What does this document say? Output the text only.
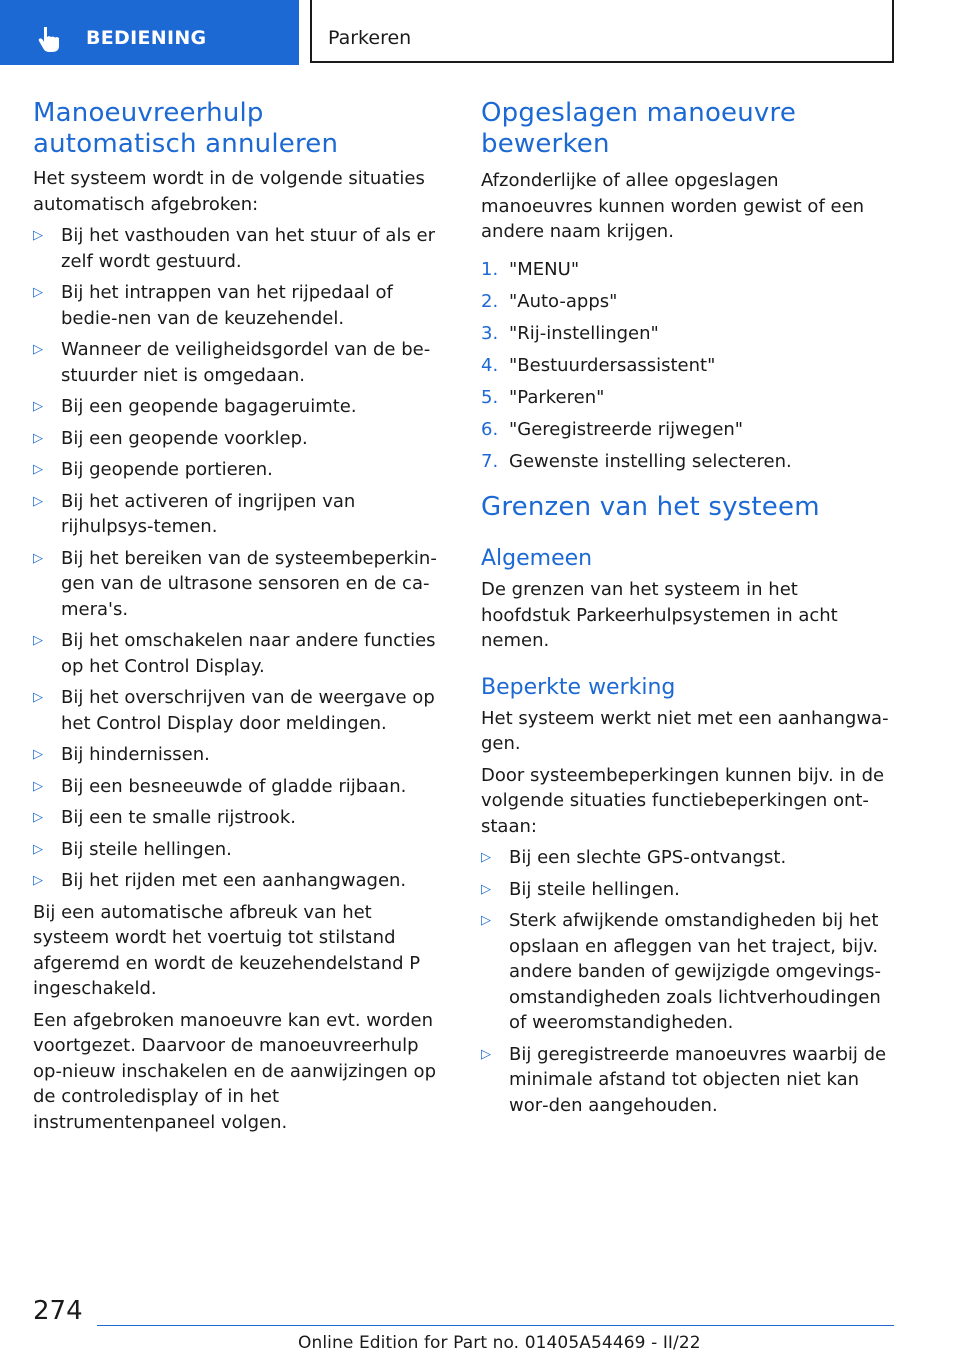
BEDIENING	Parkeren
Manoeuvreerhulp automatisch annuleren

Het systeem wordt in de volgende situaties automatisch afgebroken:

▷ Bij het vasthouden van het stuur of als er zelf wordt gestuurd.
▷ Bij het intrappen van het rijpedaal of bedie‐nen van de keuzehendel.
▷ Wanneer de veiligheidsgordel van de be‐stuurder niet is omgedaan.
▷ Bij een geopende bagageruimte.
▷ Bij een geopende voorklep.
▷ Bij geopende portieren.
▷ Bij het activeren of ingrijpen van rijhulpsys‐temen.
▷ Bij het bereiken van de systeembeperkin‐gen van de ultrasone sensoren en de ca‐mera's.
▷ Bij het omschakelen naar andere functies op het Control Display.
▷ Bij het overschrijven van de weergave op het Control Display door meldingen.
▷ Bij hindernissen.
▷ Bij een besneeuwde of gladde rijbaan.
▷ Bij een te smalle rijstrook.
▷ Bij steile hellingen.
▷ Bij het rijden met een aanhangwagen.

Bij een automatische afbreuk van het systeem wordt het voertuig tot stilstand afgeremd en wordt de keuzehendelstand P ingeschakeld.

Een afgebroken manoeuvre kan evt. worden voortgezet. Daarvoor de manoeuvreerhulp op‐nieuw inschakelen en de aanwijzingen op de controledisplay of in het instrumentenpaneel volgen.

Opgeslagen manoeuvre bewerken

Afzonderlijke of allee opgeslagen manoeuvres kunnen worden gewist of een andere naam krijgen.

1. "MENU"
2. "Auto-apps"
3. "Rij-instellingen"
4. "Bestuurdersassistent"
5. "Parkeren"
6. "Geregistreerde rijwegen"
7. Gewenste instelling selecteren.
Grenzen van het systeem
Algemeen

De grenzen van het systeem in het hoofdstuk Parkeerhulpsystemen in acht nemen.

Beperkte werking

Het systeem werkt niet met een aanhangwa‐gen.

Door systeembeperkingen kunnen bijv. in de volgende situaties functiebeperkingen ont‐staan:

▷ Bij een slechte GPS-ontvangst.
▷ Bij steile hellingen.
▷ Sterk afwijkende omstandigheden bij het opslaan en afleggen van het traject, bijv. andere banden of gewijzigde omgevings‐omstandigheden zoals lichtverhoudingen of weeromstandigheden.
▷ Bij geregistreerde manoeuvres waarbij de minimale afstand tot objecten niet kan wor‐den aangehouden.
274
Online Edition for Part no. 01405A54469 - II/22
